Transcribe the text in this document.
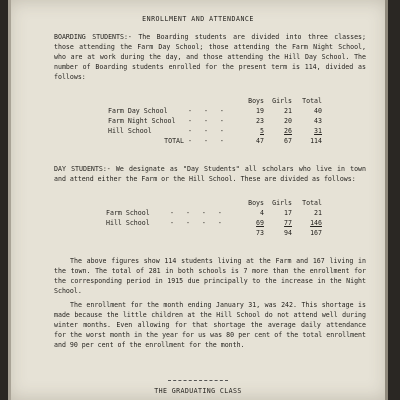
ENROLLMENT AND ATTENDANCE
BOARDING STUDENTS:- The Boarding students are divided into three classes; those attending the Farm Day School; those attending the Farm Night School, who are at work during the day, and those attending the Hill Day School. The number of Boarding students enrolled for the present term is 114, divided as follows:
		Boys	Girls	Total
Farm Day School	- - -	19	21	40
Farm Night School	- - -	23	20	43
Hill School	- - -	5	26	31
TOTAL	- - -	47	67	114
DAY STUDENTS:- We designate as "Day Students" all scholars who live in town and attend either the Farm or the Hill School. These are divided as follows:
		Boys	Girls	Total
Farm School	- - - -	4	17	21
Hill School	- - - -	69	77	146
		73	94	167
The above figures show 114 students living at the Farm and 167 living in the town. The total of 281 in both schools is 7 more than the enrollment for the corresponding period in 1915 due principally to the increase in the Night School.
The enrollment for the month ending January 31, was 242. This shortage is made because the little children at the Hill School do not attend well during winter months. Even allowing for that shortage the average daily attendance for the worst month in the year for us was 80 per cent of the total enrollment and 90 per cent of the enrollment for the month.
THE GRADUATING CLASS
